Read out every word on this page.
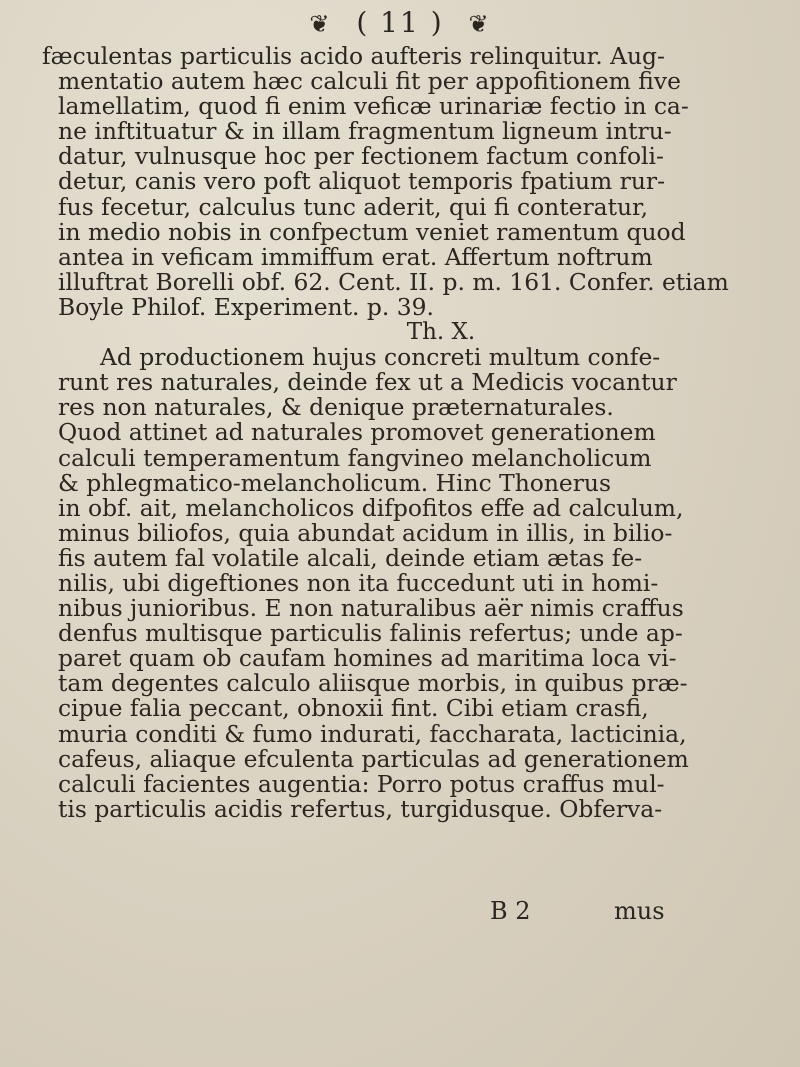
❦ ( 11 ) ❦
fæculentas particulis acido aufteris relinquitur. Aug-
mentatio autem hæc calculi fit per appofitionem five
lamellatim, quod fi enim veficæ urinariæ fectio in ca-
ne inftituatur & in illam fragmentum ligneum intru-
datur, vulnusque hoc per fectionem factum confoli-
detur, canis vero poft aliquot temporis fpatium rur-
fus fecetur, calculus tunc aderit, qui fi conteratur,
in medio nobis in confpectum veniet ramentum quod
antea in veficam immiffum erat. Affertum noftrum
illuftrat Borelli obf. 62. Cent. II. p. m. 161. Confer. etiam
Boyle Philof. Experiment. p. 39.
Th. X.
Ad productionem hujus concreti multum confe-
runt res naturales, deinde fex ut a Medicis vocantur
res non naturales, & denique præternaturales.
Quod attinet ad naturales promovet generationem
calculi temperamentum fangvineo melancholicum
& phlegmatico-melancholicum. Hinc Thonerus
in obf. ait, melancholicos difpofitos effe ad calculum,
minus biliofos, quia abundat acidum in illis, in bilio-
fis autem fal volatile alcali, deinde etiam ætas fe-
nilis, ubi digeftiones non ita fuccedunt uti in homi-
nibus junioribus. E non naturalibus aër nimis craffus
denfus multisque particulis falinis refertus; unde ap-
paret quam ob caufam homines ad maritima loca vi-
tam degentes calculo aliisque morbis, in quibus præ-
cipue falia peccant, obnoxii fint. Cibi etiam crasfi,
muria conditi & fumo indurati, faccharata, lacticinia,
cafeus, aliaque efculenta particulas ad generationem
calculi facientes augentia: Porro potus craffus mul-
tis particulis acidis refertus, turgidusque. Obferva-
B 2	mus
